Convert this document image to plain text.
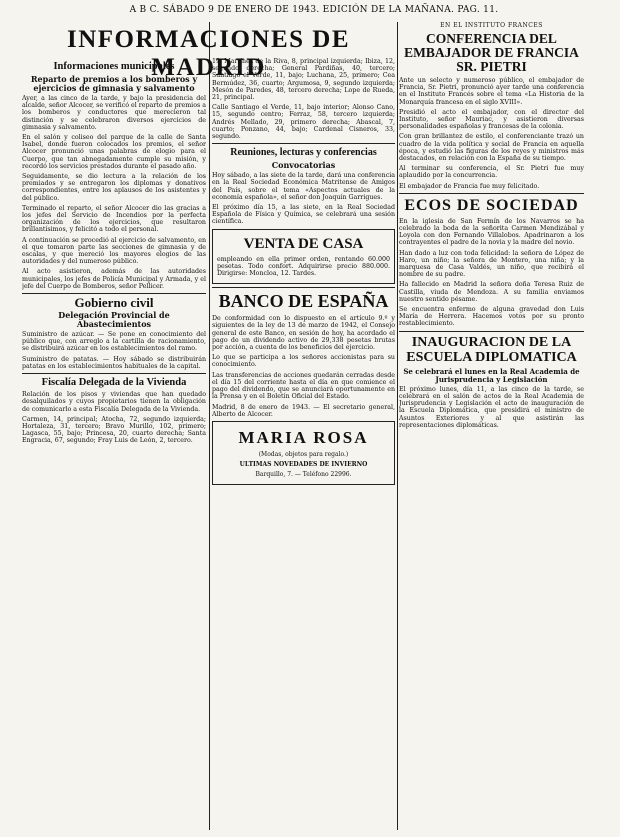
A B C. SÁBADO 9 DE ENERO DE 1943. EDICIÓN DE LA MAÑANA. PAG. 11.
INFORMACIONES DE MADRID
Informaciones municipales
Reparto de premios a los bomberos y ejercicios de gimnasia y salvamento

Ayer, a las cinco de la tarde, y bajo la presidencia del alcalde, señor Alcocer, se verificó el reparto de premios a los bomberos y conductores que merecieron tal distinción y se celebraron diversos ejercicios de gimnasia y salvamento.

En el salón y coliseo del parque de la calle de Santa Isabel, donde fueron colocados los premios, el señor Alcocer pronunció unas palabras de elogio para el Cuerpo, que tan abnegadamente cumple su misión, y recordó los servicios prestados durante el pasado año.

Seguidamente, se dio lectura a la relación de los premiados y se entregaron los diplomas y donativos correspondientes, entre los aplausos de los asistentes y del público.

Terminado el reparto, el señor Alcocer dio las gracias a los jefes del Servicio de Incendios por la perfecta organización de los ejercicios, que resultaron brillantísimos, y felicitó a todo el personal.

A continuación se procedió al ejercicio de salvamento, en el que tomaron parte las secciones de gimnasia y de escalas, y que mereció los mayores elogios de las autoridades y del numeroso público.

Al acto asistieron, además de las autoridades municipales, los jefes de Policía Municipal y Armada, y el jefe del Cuerpo de Bomberos, señor Pellicer.

Gobierno civil
Delegación Provincial de Abastecimientos

Suministro de azúcar. — Se pone en conocimiento del público que, con arreglo a la cartilla de racionamiento, se distribuirá azúcar en los establecimientos del ramo.

Suministro de patatas. — Hoy sábado se distribuirán patatas en los establecimientos habituales de la capital.

Fiscalía Delegada de la Vivienda

Relación de los pisos y viviendas que han quedado desalquilados y cuyos propietarios tienen la obligación de comunicarlo a esta Fiscalía Delegada de la Vivienda.

Carmen, 14, principal; Atocha, 72, segundo izquierda; Hortaleza, 31, tercero; Bravo Murillo, 102, primero; Lagasca, 55, bajo; Princesa, 20, cuarto derecha; Santa Engracia, 67, segundo; Fray Luis de León, 2, tercero.

19, Martínez de la Riva, 8, principal izquierda; Ibiza, 12, segundo derecha; General Pardiñas, 40, tercero; Santiago el Verde, 11, bajo; Luchana, 25, primero; Cea Bermúdez, 36, cuarto; Argumosa, 9, segundo izquierda; Mesón de Paredes, 48, tercero derecha; Lope de Rueda, 21, principal.

Calle Santiago el Verde, 11, bajo interior; Alonso Cano, 15, segundo centro; Ferraz, 58, tercero izquierda; Andrés Mellado, 29, primero derecha; Abascal, 7, cuarto; Ponzano, 44, bajo; Cardenal Cisneros, 33, segundo.

Reuniones, lecturas y conferencias
Convocatorias

Hoy sábado, a las siete de la tarde, dará una conferencia en la Real Sociedad Económica Matritense de Amigos del País, sobre el tema «Aspectos actuales de la economía española», el señor don Joaquín Garrigues.

El próximo día 15, a las siete, en la Real Sociedad Española de Física y Química, se celebrará una sesión científica.

VENTA DE CASA

empleando en ella primer orden, rentando 60.000 pesetas. Todo confort. Adquirirse precio 880.000. Dirigirse: Moncloa, 12. Tardes.

BANCO DE ESPAÑA

De conformidad con lo dispuesto en el artículo 9.º y siguientes de la ley de 13 de marzo de 1942, el Consejo general de este Banco, en sesión de hoy, ha acordado el pago de un dividendo activo de 29,338 pesetas brutas por acción, a cuenta de los beneficios del ejercicio.

Lo que se participa a los señores accionistas para su conocimiento.

Las transferencias de acciones quedarán cerradas desde el día 15 del corriente hasta el día en que comience el pago del dividendo, que se anunciará oportunamente en la Prensa y en el Boletín Oficial del Estado.

Madrid, 8 de enero de 1943. — El secretario general, Alberto de Alcocer.

MARIA ROSA

(Modas, objetos para regalo.)

ULTIMAS NOVEDADES DE INVIERNO

Barquillo, 7. — Teléfono 22996.

EN EL INSTITUTO FRANCES

CONFERENCIA DEL EMBAJADOR DE FRANCIA SR. PIETRI

Ante un selecto y numeroso público, el embajador de Francia, Sr. Pietri, pronunció ayer tarde una conferencia en el Instituto Francés sobre el tema «La Historia de la Monarquía francesa en el siglo XVIII».

Presidió el acto el embajador, con el director del Instituto, señor Mauriac, y asistieron diversas personalidades españolas y francesas de la colonia.

Con gran brillantez de estilo, el conferenciante trazó un cuadro de la vida política y social de Francia en aquella época, y estudió las figuras de los reyes y ministros más destacados, en relación con la España de su tiempo.

Al terminar su conferencia, el Sr. Pietri fue muy aplaudido por la concurrencia.

El embajador de Francia fue muy felicitado.

ECOS DE SOCIEDAD

En la iglesia de San Fermín de los Navarros se ha celebrado la boda de la señorita Carmen Mendizábal y Loyola con don Fernando Villalobos. Apadrinaron a los contrayentes el padre de la novia y la madre del novio.

Han dado a luz con toda felicidad: la señora de López de Haro, un niño; la señora de Montero, una niña; y la marquesa de Casa Valdés, un niño, que recibirá el nombre de su padre.

Ha fallecido en Madrid la señora doña Teresa Ruiz de Castilla, viuda de Mendoza. A su familia enviamos nuestro sentido pésame.

Se encuentra enfermo de alguna gravedad don Luis María de Herrera. Hacemos votos por su pronto restablecimiento.

INAUGURACION DE LA ESCUELA DIPLOMATICA
Se celebrará el lunes en la Real Academia de Jurisprudencia y Legislación

El próximo lunes, día 11, a las cinco de la tarde, se celebrará en el salón de actos de la Real Academia de Jurisprudencia y Legislación el acto de inauguración de la Escuela Diplomática, que presidirá el ministro de Asuntos Exteriores y al que asistirán las representaciones diplomáticas.
